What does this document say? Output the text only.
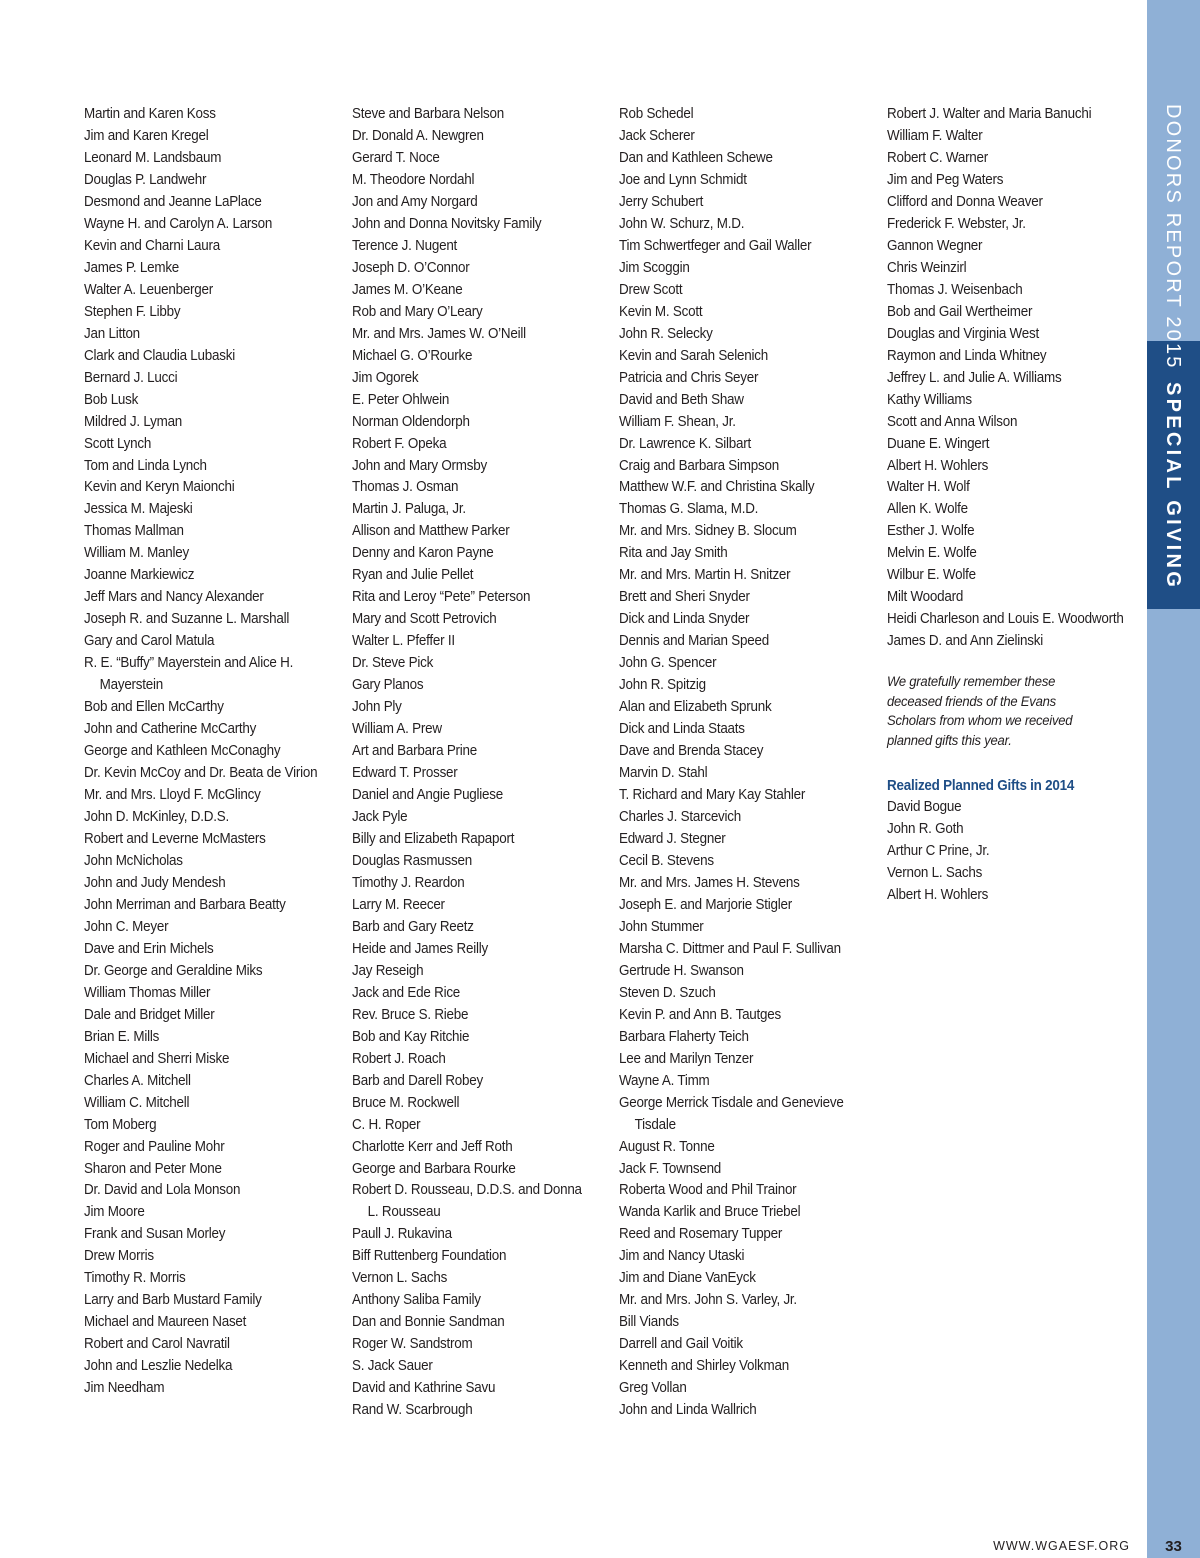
Martin and Karen Koss
Jim and Karen Kregel
Leonard M. Landsbaum
Douglas P. Landwehr
Desmond and Jeanne LaPlace
Wayne H. and Carolyn A. Larson
Kevin and Charni Laura
James P. Lemke
Walter A. Leuenberger
Stephen F. Libby
Jan Litton
Clark and Claudia Lubaski
Bernard J. Lucci
Bob Lusk
Mildred J. Lyman
Scott Lynch
Tom and Linda Lynch
Kevin and Keryn Maionchi
Jessica M. Majeski
Thomas Mallman
William M. Manley
Joanne Markiewicz
Jeff Mars and Nancy Alexander
Joseph R. and Suzanne L. Marshall
Gary and Carol Matula
R. E. “Buffy” Mayerstein and Alice H. Mayerstein
Bob and Ellen McCarthy
John and Catherine McCarthy
George and Kathleen McConaghy
Dr. Kevin McCoy and Dr. Beata de Virion
Mr. and Mrs. Lloyd F. McGlincy
John D. McKinley, D.D.S.
Robert and Leverne McMasters
John McNicholas
John and Judy Mendesh
John Merriman and Barbara Beatty
John C. Meyer
Dave and Erin Michels
Dr. George and Geraldine Miks
William Thomas Miller
Dale and Bridget Miller
Brian E. Mills
Michael and Sherri Miske
Charles A. Mitchell
William C. Mitchell
Tom Moberg
Roger and Pauline Mohr
Sharon and Peter Mone
Dr. David and Lola Monson
Jim Moore
Frank and Susan Morley
Drew Morris
Timothy R. Morris
Larry and Barb Mustard Family
Michael and Maureen Naset
Robert and Carol Navratil
John and Leszlie Nedelka
Jim Needham
Steve and Barbara Nelson
Dr. Donald A. Newgren
Gerard T. Noce
M. Theodore Nordahl
Jon and Amy Norgard
John and Donna Novitsky Family
Terence J. Nugent
Joseph D. O’Connor
James M. O’Keane
Rob and Mary O’Leary
Mr. and Mrs. James W. O’Neill
Michael G. O’Rourke
Jim Ogorek
E. Peter Ohlwein
Norman Oldendorph
Robert F. Opeka
John and Mary Ormsby
Thomas J. Osman
Martin J. Paluga, Jr.
Allison and Matthew Parker
Denny and Karon Payne
Ryan and Julie Pellet
Rita and Leroy “Pete” Peterson
Mary and Scott Petrovich
Walter L. Pfeffer II
Dr. Steve Pick
Gary Planos
John Ply
William A. Prew
Art and Barbara Prine
Edward T. Prosser
Daniel and Angie Pugliese
Jack Pyle
Billy and Elizabeth Rapaport
Douglas Rasmussen
Timothy J. Reardon
Larry M. Reecer
Barb and Gary Reetz
Heide and James Reilly
Jay Reseigh
Jack and Ede Rice
Rev. Bruce S. Riebe
Bob and Kay Ritchie
Robert J. Roach
Barb and Darell Robey
Bruce M. Rockwell
C. H. Roper
Charlotte Kerr and Jeff Roth
George and Barbara Rourke
Robert D. Rousseau, D.D.S. and Donna L. Rousseau
Paull J. Rukavina
Biff Ruttenberg Foundation
Vernon L. Sachs
Anthony Saliba Family
Dan and Bonnie Sandman
Roger W. Sandstrom
S. Jack Sauer
David and Kathrine Savu
Rand W. Scarbrough
Rob Schedel
Jack Scherer
Dan and Kathleen Schewe
Joe and Lynn Schmidt
Jerry Schubert
John W. Schurz, M.D.
Tim Schwertfeger and Gail Waller
Jim Scoggin
Drew Scott
Kevin M. Scott
John R. Selecky
Kevin and Sarah Selenich
Patricia and Chris Seyer
David and Beth Shaw
William F. Shean, Jr.
Dr. Lawrence K. Silbart
Craig and Barbara Simpson
Matthew W.F. and Christina Skally
Thomas G. Slama, M.D.
Mr. and Mrs. Sidney B. Slocum
Rita and Jay Smith
Mr. and Mrs. Martin H. Snitzer
Brett and Sheri Snyder
Dick and Linda Snyder
Dennis and Marian Speed
John G. Spencer
John R. Spitzig
Alan and Elizabeth Sprunk
Dick and Linda Staats
Dave and Brenda Stacey
Marvin D. Stahl
T. Richard and Mary Kay Stahler
Charles J. Starcevich
Edward J. Stegner
Cecil B. Stevens
Mr. and Mrs. James H. Stevens
Joseph E. and Marjorie Stigler
John Stummer
Marsha C. Dittmer and Paul F. Sullivan
Gertrude H. Swanson
Steven D. Szuch
Kevin P. and Ann B. Tautges
Barbara Flaherty Teich
Lee and Marilyn Tenzer
Wayne A. Timm
George Merrick Tisdale and Genevieve Tisdale
August R. Tonne
Jack F. Townsend
Roberta Wood and Phil Trainor
Wanda Karlik and Bruce Triebel
Reed and Rosemary Tupper
Jim and Nancy Utaski
Jim and Diane VanEyck
Mr. and Mrs. John S. Varley, Jr.
Bill Viands
Darrell and Gail Voitik
Kenneth and Shirley Volkman
Greg Vollan
John and Linda Wallrich
Robert J. Walter and Maria Banuchi
William F. Walter
Robert C. Warner
Jim and Peg Waters
Clifford and Donna Weaver
Frederick F. Webster, Jr.
Gannon Wegner
Chris Weinzirl
Thomas J. Weisenbach
Bob and Gail Wertheimer
Douglas and Virginia West
Raymon and Linda Whitney
Jeffrey L. and Julie A. Williams
Kathy Williams
Scott and Anna Wilson
Duane E. Wingert
Albert H. Wohlers
Walter H. Wolf
Allen K. Wolfe
Esther J. Wolfe
Melvin E. Wolfe
Wilbur E. Wolfe
Milt Woodard
Heidi Charleson and Louis E. Woodworth
James D. and Ann Zielinski
We gratefully remember these deceased friends of the Evans Scholars from whom we received planned gifts this year.
Realized Planned Gifts in 2014
David Bogue
John R. Goth
Arthur C Prine, Jr.
Vernon L. Sachs
Albert H. Wohlers
DONORS REPORT 2015
SPECIAL GIVING
WWW.WGAESF.ORG	33
